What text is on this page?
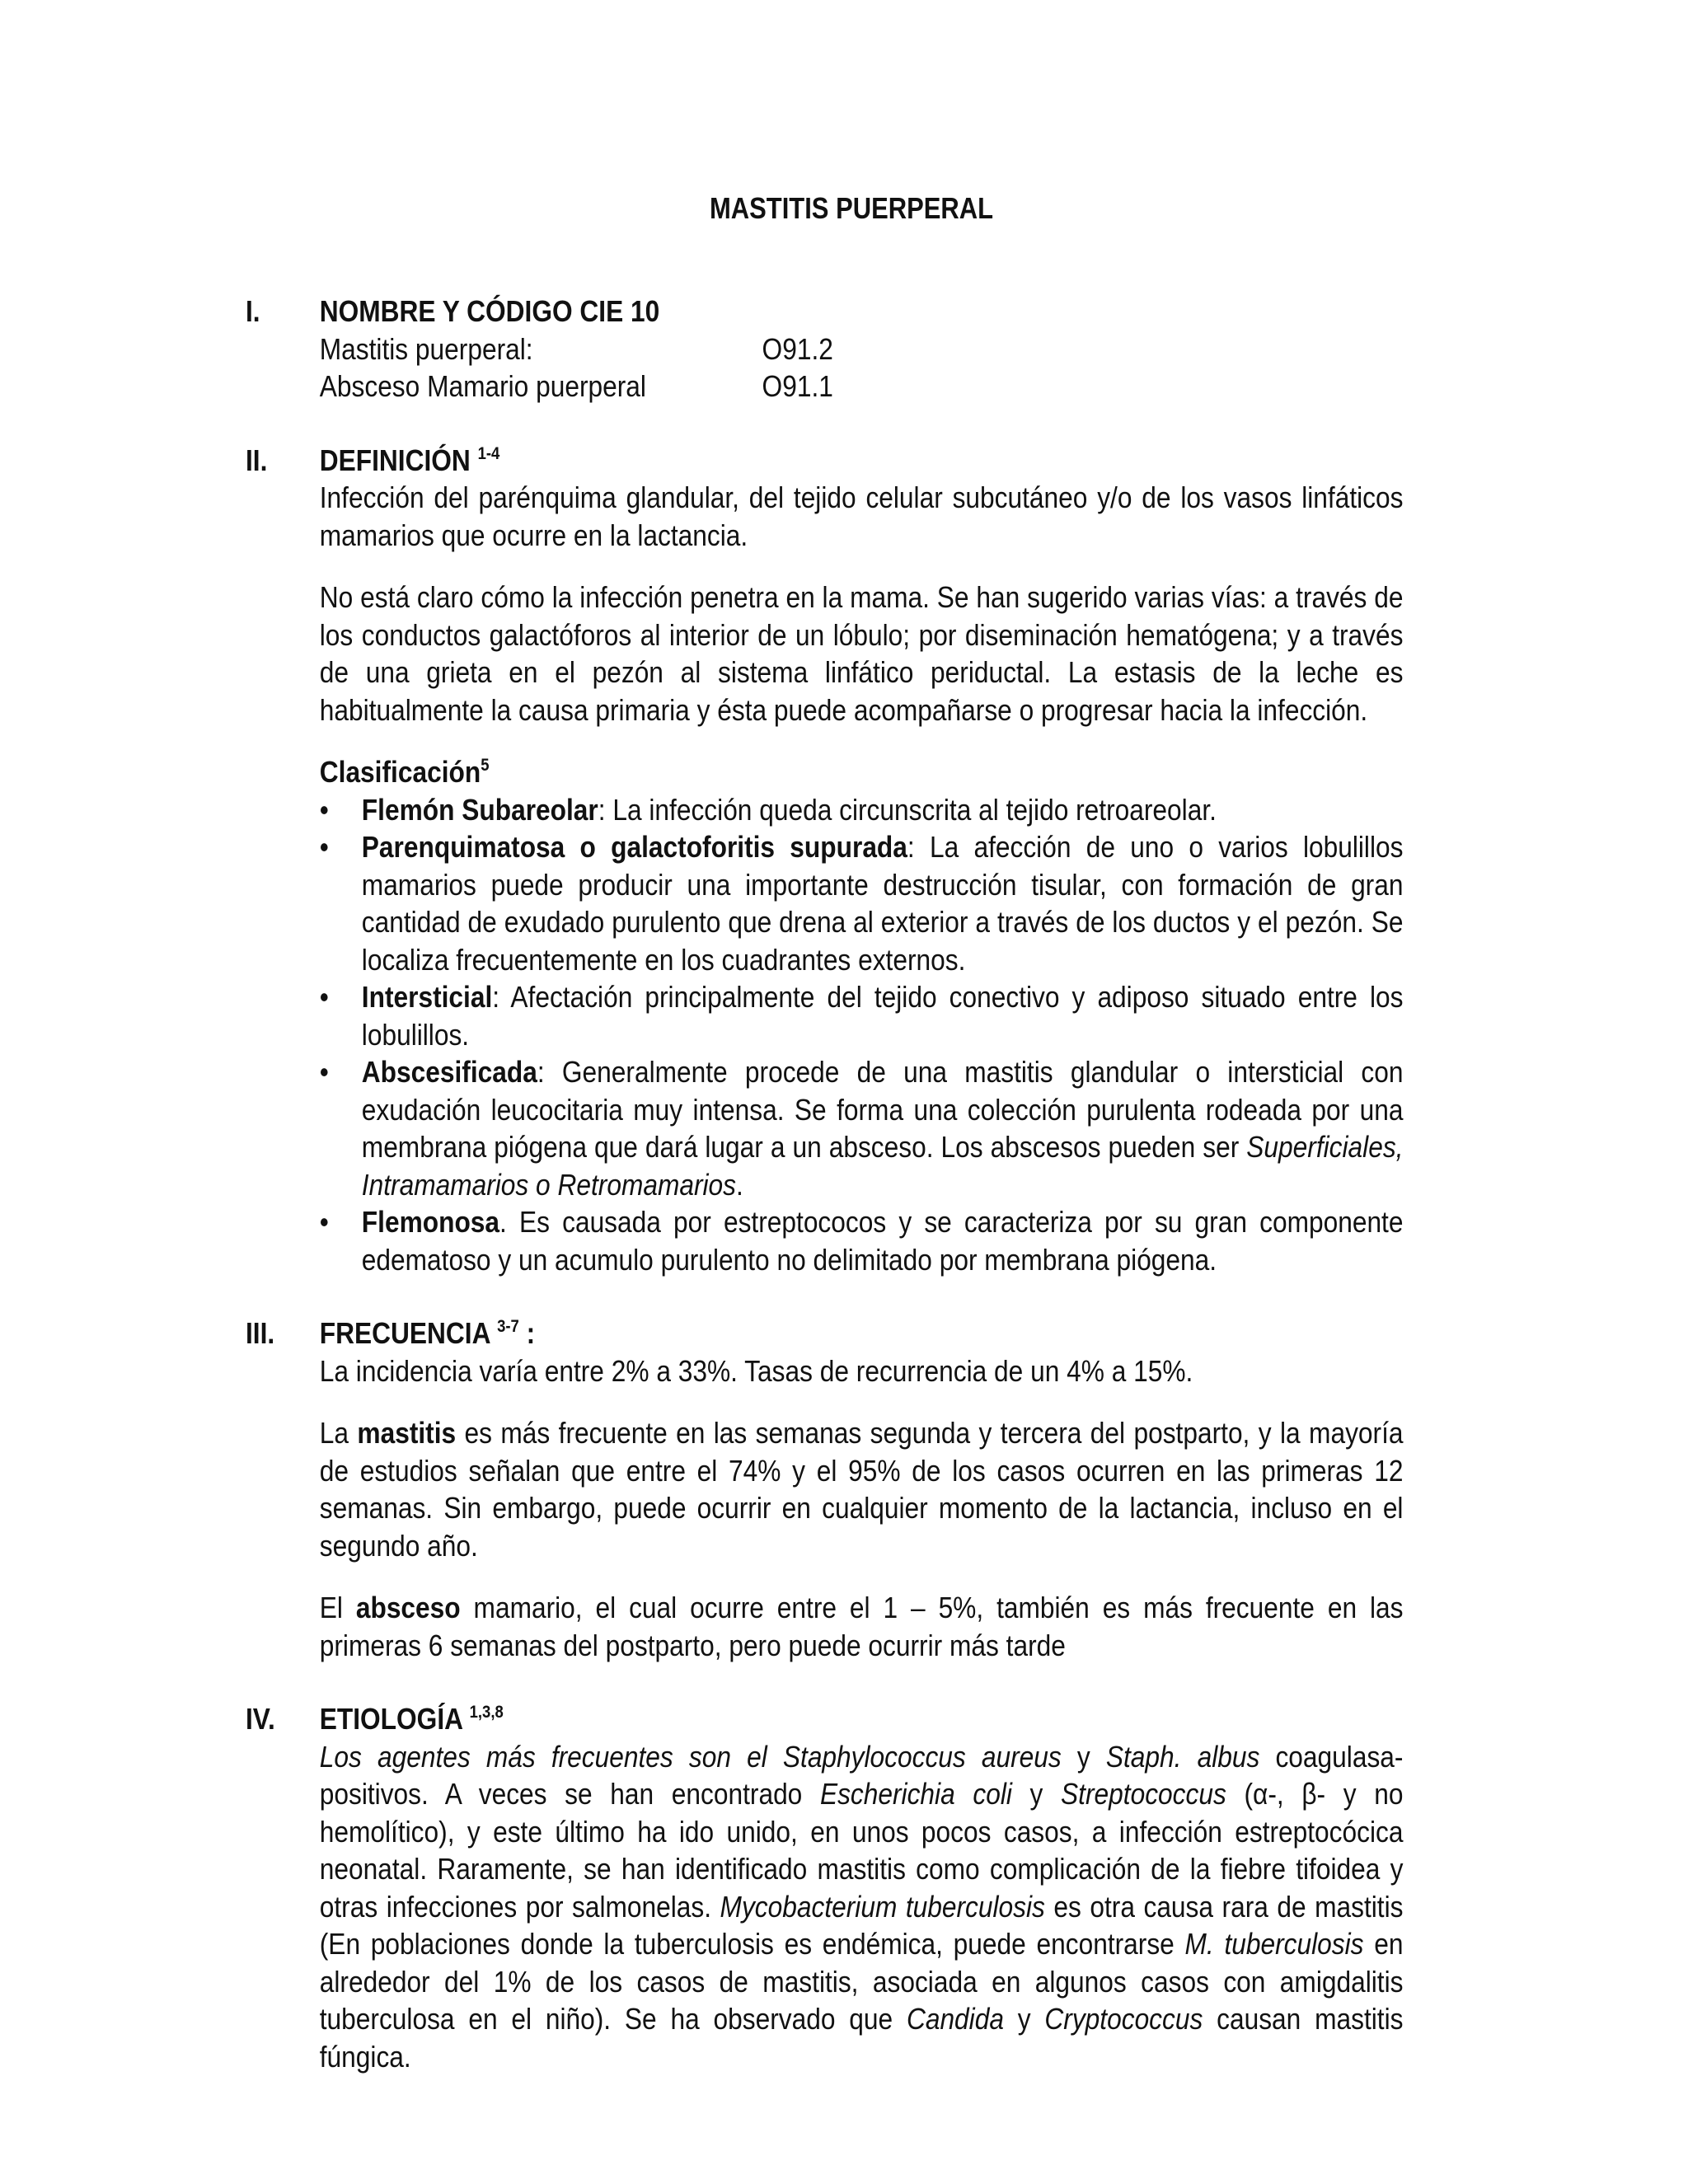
MASTITIS PUERPERAL
I.	NOMBRE Y CÓDIGO CIE 10
Mastitis puerperal:	O91.2
Absceso Mamario puerperal	O91.1
II.	DEFINICIÓN $^{1-4}$

Infección del parénquima glandular, del tejido celular subcutáneo y/o de los vasos linfáticos mamarios que ocurre en la lactancia.

No está claro cómo la infección penetra en la mama. Se han sugerido varias vías: a través de los conductos galactóforos al interior de un lóbulo; por diseminación hematógena; y a través de una grieta en el pezón al sistema linfático periductal. La estasis de la leche es habitualmente la causa primaria y ésta puede acompañarse o progresar hacia la infección.

Clasificación$^5$
• Flemón Subareolar: La infección queda circunscrita al tejido retroareolar.
• Parenquimatosa o galactoforitis supurada: La afección de uno o varios lobulillos mamarios puede producir una importante destrucción tisular, con formación de gran cantidad de exudado purulento que drena al exterior a través de los ductos y el pezón. Se localiza frecuentemente en los cuadrantes externos.
• Intersticial: Afectación principalmente del tejido conectivo y adiposo situado entre los lobulillos.
• Abscesificada: Generalmente procede de una mastitis glandular o intersticial con exudación leucocitaria muy intensa. Se forma una colección purulenta rodeada por una membrana piógena que dará lugar a un absceso. Los abscesos pueden ser Superficiales, Intramamarios o Retromamarios.
• Flemonosa. Es causada por estreptococos y se caracteriza por su gran componente edematoso y un acumulo purulento no delimitado por membrana piógena.
III.	FRECUENCIA $^{3-7}$ :

La incidencia varía entre 2% a 33%. Tasas de recurrencia de un 4% a 15%.

La mastitis es más frecuente en las semanas segunda y tercera del postparto, y la mayoría de estudios señalan que entre el 74% y el 95% de los casos ocurren en las primeras 12 semanas. Sin embargo, puede ocurrir en cualquier momento de la lactancia, incluso en el segundo año.

El absceso mamario, el cual ocurre entre el 1 – 5%, también es más frecuente en las primeras 6 semanas del postparto, pero puede ocurrir más tarde

IV.	ETIOLOGÍA $^{1,3,8}$

Los agentes más frecuentes son el Staphylococcus aureus y Staph. albus coagulasa-positivos. A veces se han encontrado Escherichia coli y Streptococcus (α-, β- y no hemolítico), y este último ha ido unido, en unos pocos casos, a infección estreptocócica neonatal. Raramente, se han identificado mastitis como complicación de la fiebre tifoidea y otras infecciones por salmonelas. Mycobacterium tuberculosis es otra causa rara de mastitis (En poblaciones donde la tuberculosis es endémica, puede encontrarse M. tuberculosis en alrededor del 1% de los casos de mastitis, asociada en algunos casos con amigdalitis tuberculosa en el niño). Se ha observado que Candida y Cryptococcus causan mastitis fúngica.
